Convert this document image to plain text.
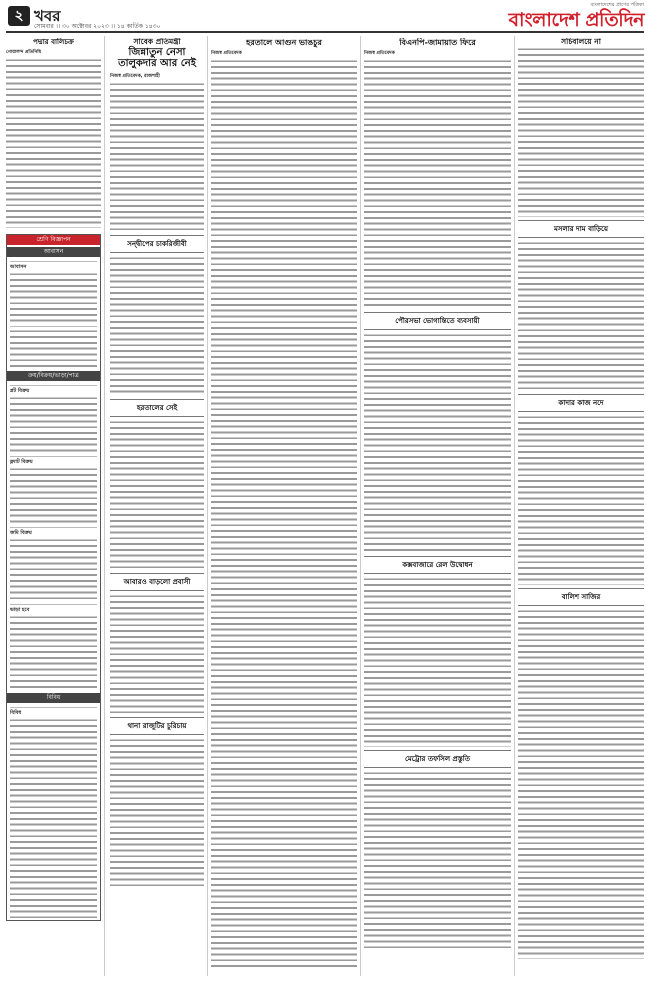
২ খবর
সোমবার ।। ৩০ অক্টোবর ২০২৩ ।। ১৪ কার্তিক ১৪৩০
বাংলাদেশের প্রাণের পত্রিকা
বাংলাদেশ প্রতিদিন
পদ্মার বালিচক্র
গোয়ালন্দ প্রতিনিধি
শ্রেণি বিজ্ঞাপন
আবাসন
আবাসন
ক্রয়/বিক্রয়/ভাড়া/পাত্র
প্লট বিক্রয়
ফ্ল্যাট বিক্রয়
জমি বিক্রয়
ভাড়া হবে
বিবিধ
বিবিধ
সাবেক প্রতিমন্ত্রী
জিন্নাতুন নেসা
তালুকদার আর নেই
নিজস্ব প্রতিবেদক, রাজশাহী
সন্দ্বীপের চাকরিজীবী
হরতালের সেই
আবারও বাড়লো প্রবাসী
থানা রাজুটির চুরিচায়
হরতালে আগুন ভাঙচুর
নিজস্ব প্রতিবেদক
বিএনপি-জামায়াত ফিরে
নিজস্ব প্রতিবেদক
পৌরসভা ভোগান্তিতে ব্যবসায়ী
কক্সবাজারে রেল উদ্বোধন
মেট্রোর তফসিল প্রস্তুতি
সচিবালয়ে না
মসলার দাম বাড়িয়ে
কাদার কাজ নদে
বালিশ সাজির
